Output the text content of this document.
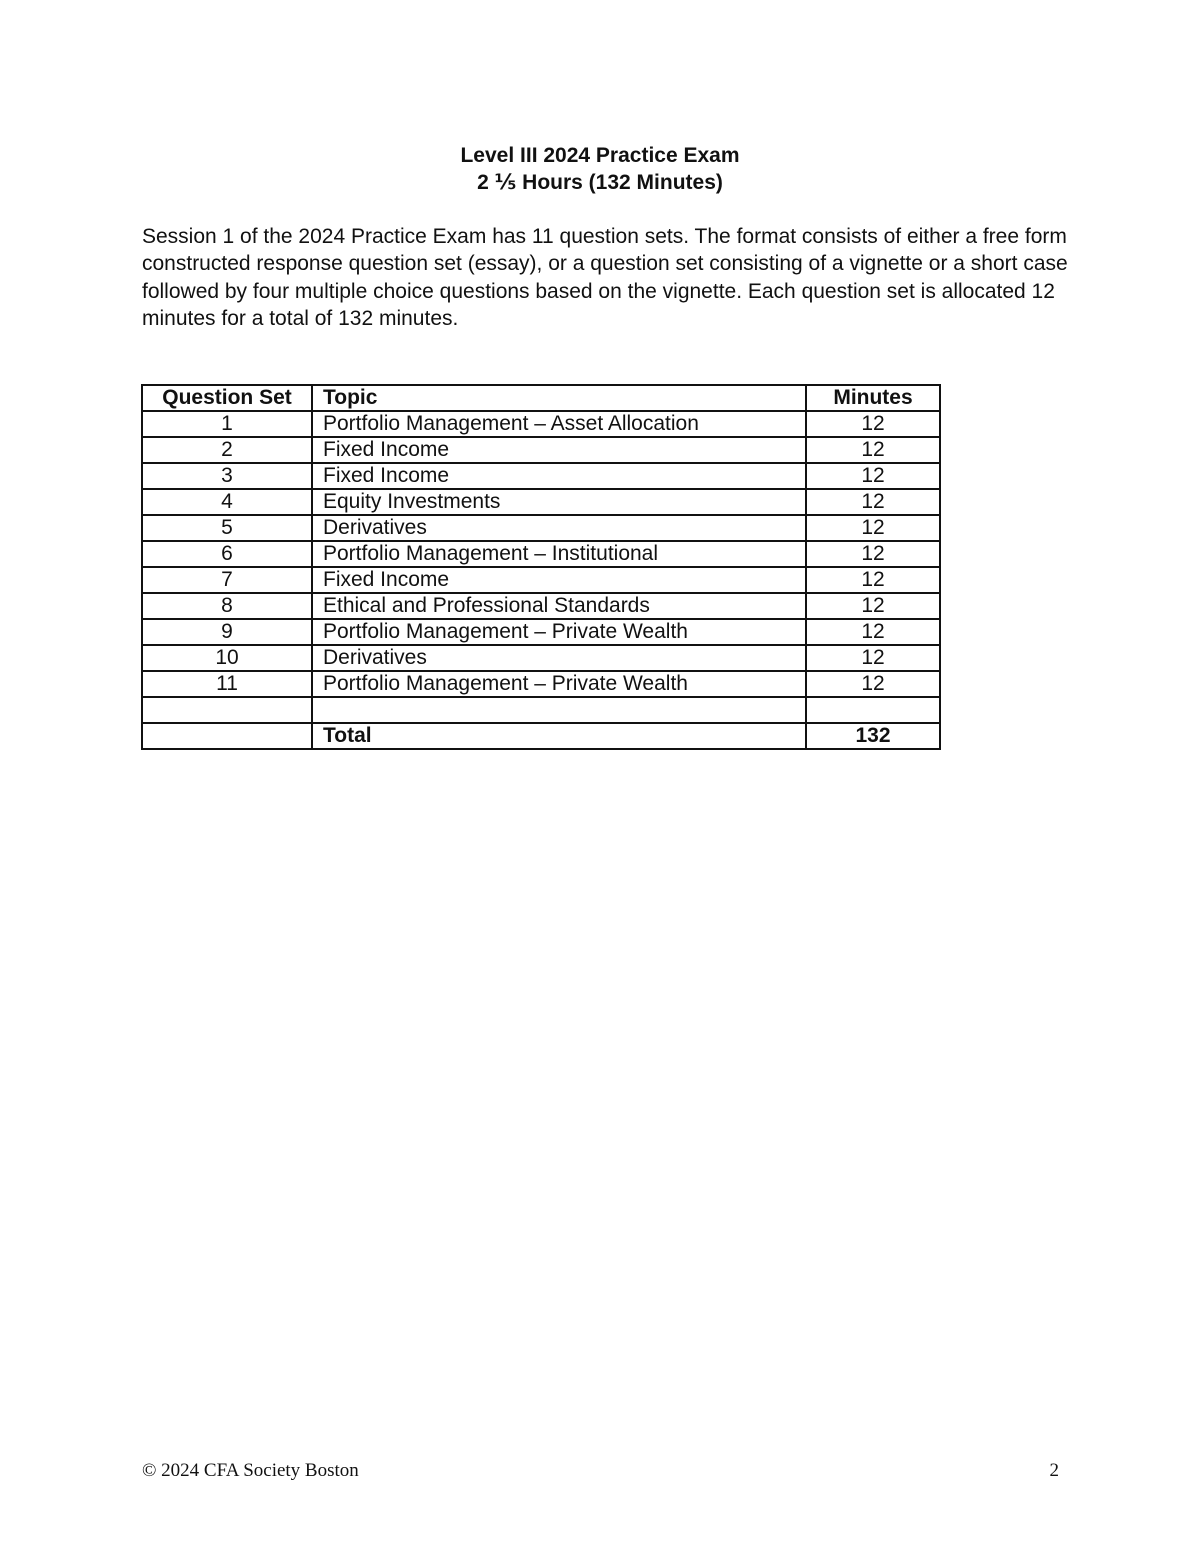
Level III 2024 Practice Exam
2 ⅕ Hours (132 Minutes)
Session 1 of the 2024 Practice Exam has 11 question sets. The format consists of either a free form constructed response question set (essay), or a question set consisting of a vignette or a short case followed by four multiple choice questions based on the vignette. Each question set is allocated 12 minutes for a total of 132 minutes.
Question Set	Topic	Minutes
1	Portfolio Management – Asset Allocation	12
2	Fixed Income	12
3	Fixed Income	12
4	Equity Investments	12
5	Derivatives	12
6	Portfolio Management – Institutional	12
7	Fixed Income	12
8	Ethical and Professional Standards	12
9	Portfolio Management – Private Wealth	12
10	Derivatives	12
11	Portfolio Management – Private Wealth	12

	Total	132
© 2024 CFA Society Boston	2
